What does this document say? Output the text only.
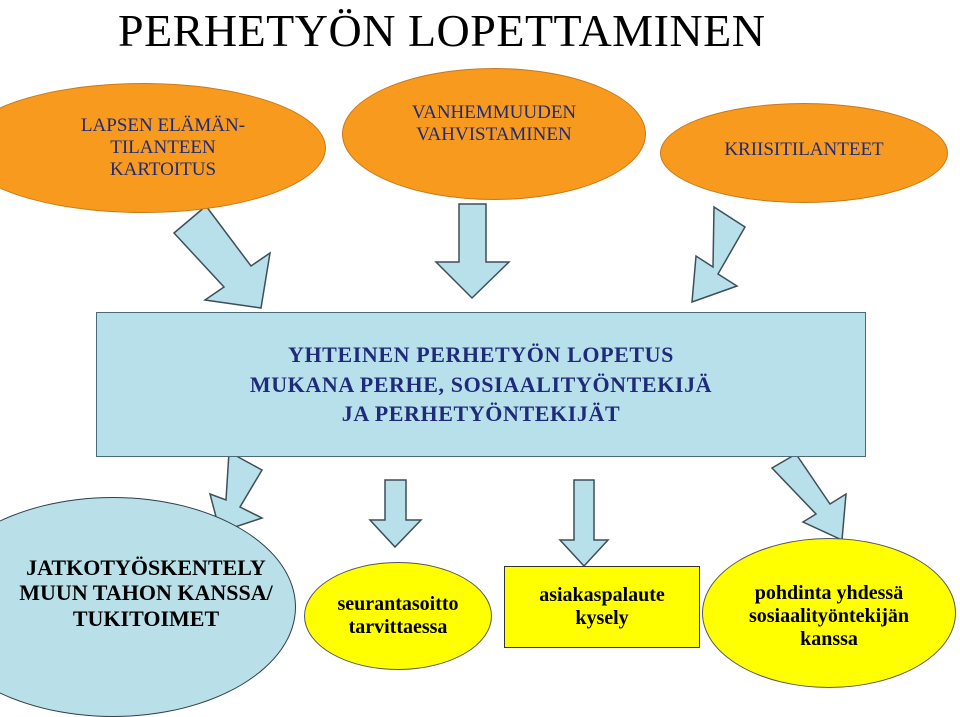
PERHETYÖN LOPETTAMINEN
LAPSEN ELÄMÄN-
TILANTEEN
KARTOITUS
VANHEMMUUDEN
VAHVISTAMINEN
KRIISITILANTEET
YHTEINEN PERHETYÖN LOPETUS
MUKANA PERHE, SOSIAALITYÖNTEKIJÄ
JA PERHETYÖNTEKIJÄT
JATKOTYÖSKENTELY
MUUN TAHON KANSSA/
TUKITOIMET
seurantasoitto
tarvittaessa
asiakaspalaute
kysely
pohdinta yhdessä
sosiaalityöntekijän
kanssa
